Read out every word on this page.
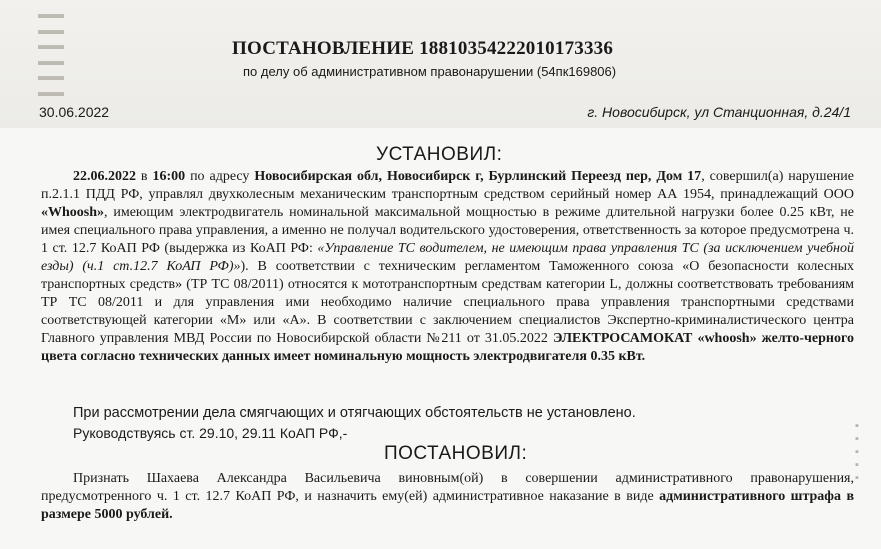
▬▬
▬▬
▬▬
▬▬
▬▬
▬▬
ПОСТАНОВЛЕНИЕ 18810354222010173336
по делу об административном правонарушении (54пк169806)
30.06.2022	г. Новосибирск, ул Станционная, д.24/1
УСТАНОВИЛ:
22.06.2022 в 16:00 по адресу Новосибирская обл, Новосибирск г, Бурлинский Переезд пер, Дом 17, совершил(а) нарушение п.2.1.1 ПДД РФ, управлял двухколесным механическим транспортным средством серийный номер АА 1954, принадлежащий ООО «Whoosh», имеющим электродвигатель номинальной максимальной мощностью в режиме длительной нагрузки более 0.25 кВт, не имея специального права управления, а именно не получал водительского удостоверения, ответственность за которое предусмотрена ч. 1 ст. 12.7 КоАП РФ (выдержка из КоАП РФ: «Управление ТС водителем, не имеющим права управления ТС (за исключением учебной езды) (ч.1 ст.12.7 КоАП РФ)»). В соответствии с техническим регламентом Таможенного союза «О безопасности колесных транспортных средств» (ТР ТС 08/2011) относятся к мототранспортным средствам категории L, должны соответствовать требованиям ТР ТС 08/2011 и для управления ими необходимо наличие специального права управления транспортными средствами соответствующей категории «М» или «А». В соответствии с заключением специалистов Экспертно-криминалистического центра Главного управления МВД России по Новосибирской области №211 от 31.05.2022 ЭЛЕКТРОСАМОКАТ «whoosh» желто-черного цвета согласно технических данных имеет номинальную мощность электродвигателя 0.35 кВт.
При рассмотрении дела смягчающих и отягчающих обстоятельств не установлено.
Руководствуясь ст. 29.10, 29.11 КоАП РФ,-
ПОСТАНОВИЛ:
Признать Шахаева Александра Васильевича виновным(ой) в совершении административного правонарушения, предусмотренного ч. 1 ст. 12.7 КоАП РФ, и назначить ему(ей) административное наказание в виде административного штрафа в размере 5000 рублей.
▪
▪
▪
▪
▪
